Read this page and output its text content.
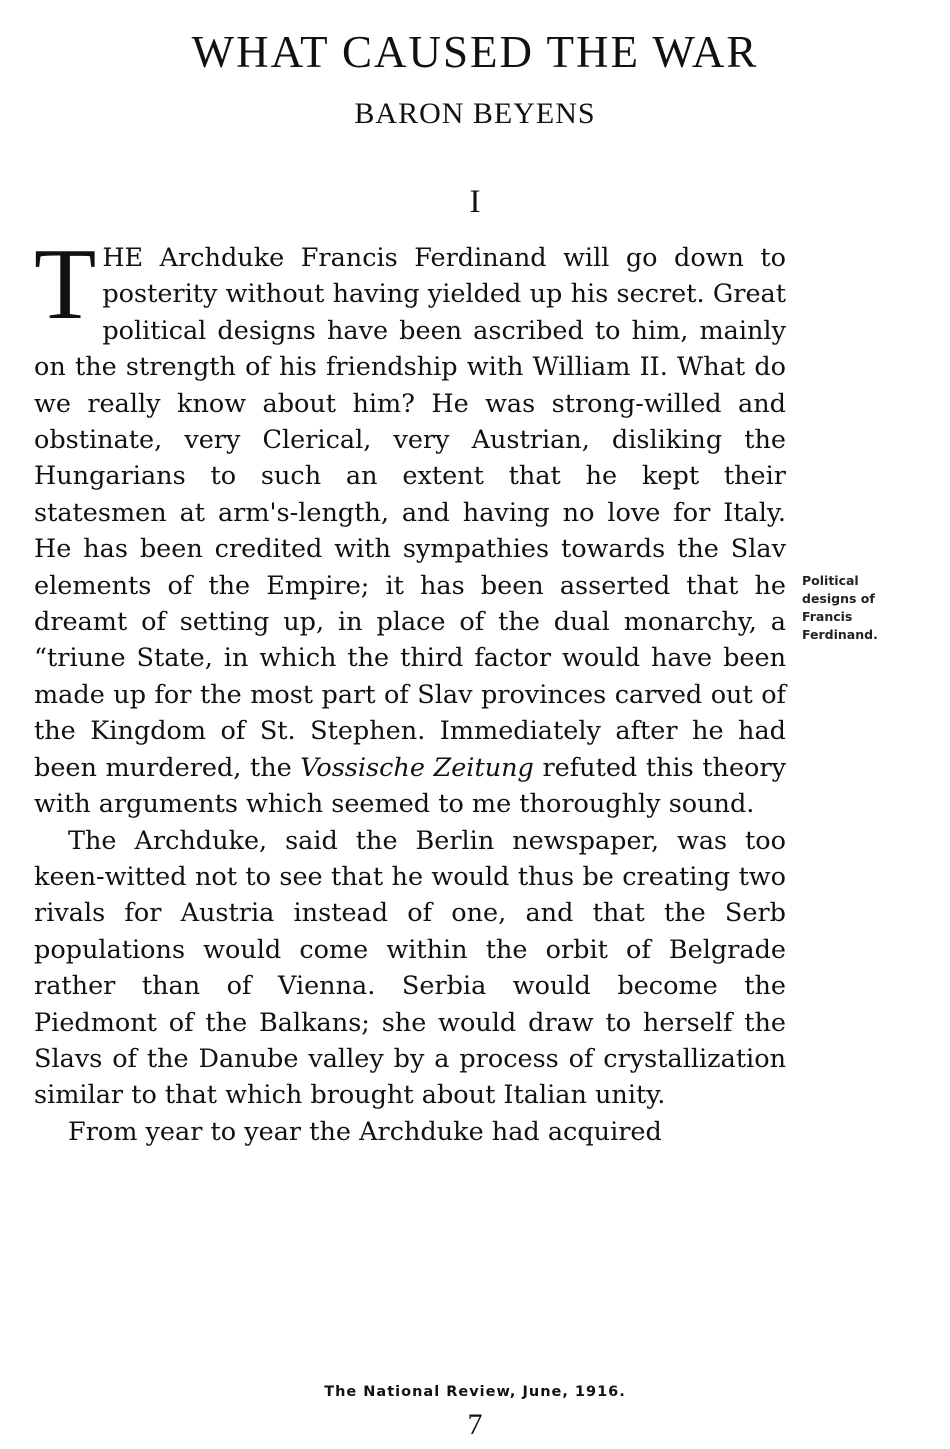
WHAT CAUSED THE WAR
BARON BEYENS
I

THE Archduke Francis Ferdinand will go down to posterity without having yielded up his secret. Great political designs have been ascribed to him, mainly on the strength of his friendship with William II. What do we really know about him? He was strong-willed and obstinate, very Clerical, very Austrian, disliking the Hungarians to such an extent that he kept their statesmen at arm's-length, and having no love for Italy. He has been credited with sympathies towards the Slav elements of the Empire; it has been asserted that he dreamt of setting up, in place of the dual monarchy, a “triune State, in which the third factor would have been made up for the most part of Slav provinces carved out of the Kingdom of St. Stephen. Immediately after he had been murdered, the Vossische Zeitung refuted this theory with arguments which seemed to me thoroughly sound.

The Archduke, said the Berlin newspaper, was too keen-witted not to see that he would thus be creating two rivals for Austria instead of one, and that the Serb populations would come within the orbit of Belgrade rather than of Vienna. Serbia would become the Piedmont of the Balkans; she would draw to herself the Slavs of the Danube valley by a process of crystallization similar to that which brought about Italian unity.

From year to year the Archduke had acquired

Political
designs of
Francis
Ferdinand.
The National Review, June, 1916.
7
